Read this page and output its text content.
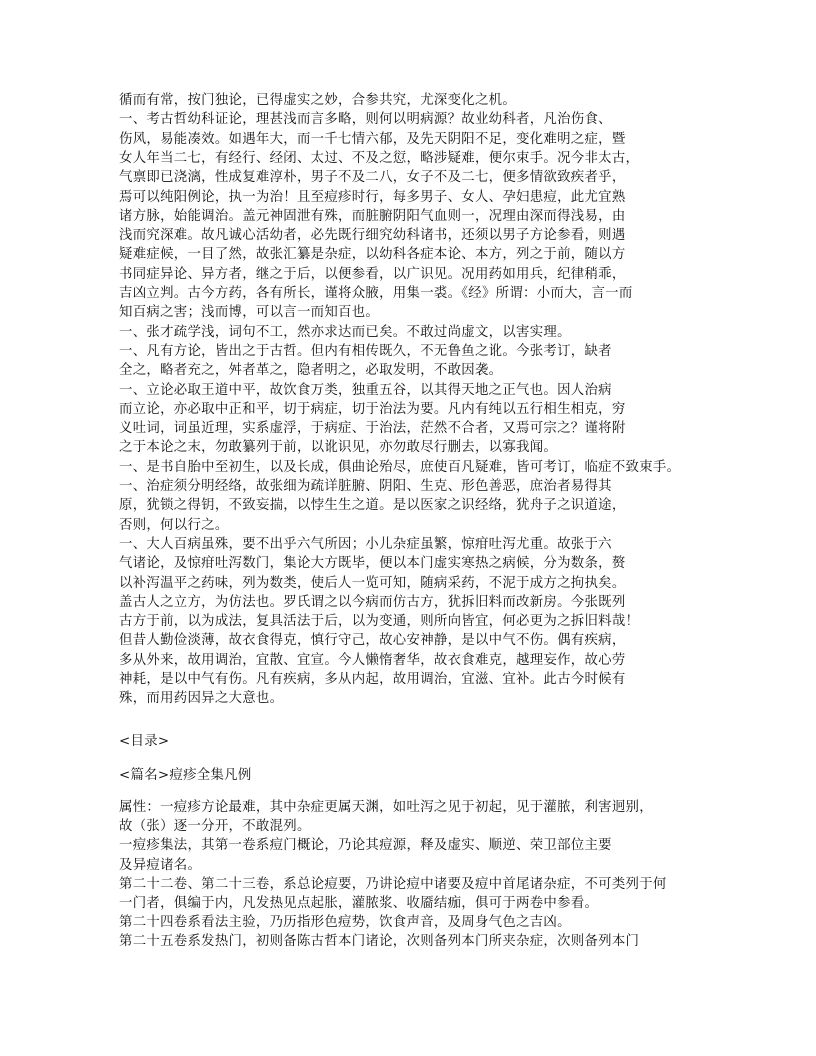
循而有常，按门独论，已得虚实之妙，合参共究，尤深变化之机。
一、考古哲幼科证论，理甚浅而言多略，则何以明病源？故业幼科者，凡治伤食、
伤风，易能凑效。如遇年大，而一千七情六郁，及先天阴阳不足，变化难明之症，暨
女人年当二七，有经行、经闭、太过、不及之愆，略涉疑难，便尔束手。况今非太古，
气禀即已浇漓，性成复难淳朴，男子不及二八，女子不及二七，便多情欲致疾者乎，
焉可以纯阳例论，执一为治！且至痘疹时行，每多男子、女人、孕妇患痘，此尤宜熟
诸方脉，始能调治。盖元神固泄有殊，而脏腑阴阳气血则一，况理由深而得浅易，由
浅而究深难。故凡诚心活幼者，必先既行细究幼科诸书，还须以男子方论参看，则遇
疑难症候，一目了然，故张汇纂是杂症，以幼科各症本论、本方，列之于前，随以方
书同症异论、异方者，继之于后，以便参看，以广识见。况用药如用兵，纪律稍乖，
吉凶立判。古今方药，各有所长，谨将众腋，用集一裘。《经》所谓：小而大，言一而
知百病之害；浅而博，可以言一而知百也。
一、张才疏学浅，词句不工，然亦求达而已矣。不敢过尚虚文，以害实理。
一、凡有方论，皆出之于古哲。但内有相传既久，不无鲁鱼之讹。今张考订，缺者
全之，略者充之，舛者革之，隐者明之，必取发明，不敢因袭。
一、立论必取王道中平，故饮食万类，独重五谷，以其得天地之正气也。因人治病
而立论，亦必取中正和平，切于病症，切于治法为要。凡内有纯以五行相生相克，穷
义吐词，词虽近理，实系虚浮，于病症、于治法，茫然不合者，又焉可宗之？谨将附
之于本论之末，勿敢纂列于前，以讹识见，亦勿敢尽行删去，以寡我闻。
一、是书自胎中至初生，以及长成，俱曲论殆尽，庶使百凡疑难，皆可考订，临症不致束手。
一、治症须分明经络，故张细为疏详脏腑、阴阳、生克、形色善恶，庶治者易得其
原，犹锁之得钥，不致妄揣，以悖生生之道。是以医家之识经络，犹舟子之识道途，
否则，何以行之。
一、大人百病虽殊，要不出乎六气所因；小儿杂症虽繁，惊疳吐泻尤重。故张于六
气诸论，及惊疳吐泻数门，集论大方既毕，便以本门虚实寒热之病候，分为数条，赘
以补泻温平之药味，列为数类，使后人一览可知，随病采药，不泥于成方之拘执矣。
盖古人之立方，为仿法也。罗氏谓之以今病而仿古方，犹拆旧料而改新房。今张既列
古方于前，以为成法，复具活法于后，以为变通，则所向皆宜，何必更为之拆旧料哉！
但昔人勤俭淡薄，故衣食得克，慎行守己，故心安神静，是以中气不伤。偶有疾病，
多从外来，故用调治，宜散、宜宣。今人懒惰奢华，故衣食难克，越理妄作，故心劳
神耗，是以中气有伤。凡有疾病，多从内起，故用调治，宜滋、宜补。此古今时候有
殊，而用药因异之大意也。
<目录>
<篇名>痘疹全集凡例
属性：一痘疹方论最难，其中杂症更属天渊，如吐泻之见于初起，见于灌脓，利害迥别，
故（张）逐一分开，不敢混列。
一痘疹集法，其第一卷系痘门概论，乃论其痘源，释及虚实、顺逆、荣卫部位主要
及异痘诸名。
第二十二卷、第二十三卷，系总论痘要，乃讲论痘中诸要及痘中首尾诸杂症，不可类列于何
一门者，俱编于内，凡发热见点起胀，灌脓浆、收靥结痂，俱可于两卷中参看。
第二十四卷系看法主验，乃历指形色痘势，饮食声音，及周身气色之吉凶。
第二十五卷系发热门，初则备陈古哲本门诸论，次则备列本门所夹杂症，次则备列本门
